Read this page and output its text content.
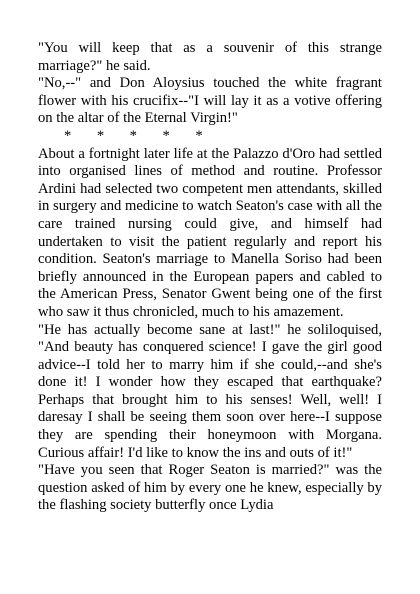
"You will keep that as a souvenir of this strange marriage?" he said.

"No,--" and Don Aloysius touched the white fragrant flower with his crucifix--"I will lay it as a votive offering on the altar of the Eternal Virgin!"

*       *       *       *       *

About a fortnight later life at the Palazzo d'Oro had settled into organised lines of method and routine. Professor Ardini had selected two competent men attendants, skilled in surgery and medicine to watch Seaton's case with all the care trained nursing could give, and himself had undertaken to visit the patient regularly and report his condition. Seaton's marriage to Manella Soriso had been briefly announced in the European papers and cabled to the American Press, Senator Gwent being one of the first who saw it thus chronicled, much to his amazement.

"He has actually become sane at last!" he soliloquised, "And beauty has conquered science! I gave the girl good advice--I told her to marry him if she could,--and she's done it! I wonder how they escaped that earthquake? Perhaps that brought him to his senses! Well, well! I daresay I shall be seeing them soon over here--I suppose they are spending their honeymoon with Morgana. Curious affair! I'd like to know the ins and outs of it!"

"Have you seen that Roger Seaton is married?" was the question asked of him by every one he knew, especially by the flashing society butterfly once Lydia
